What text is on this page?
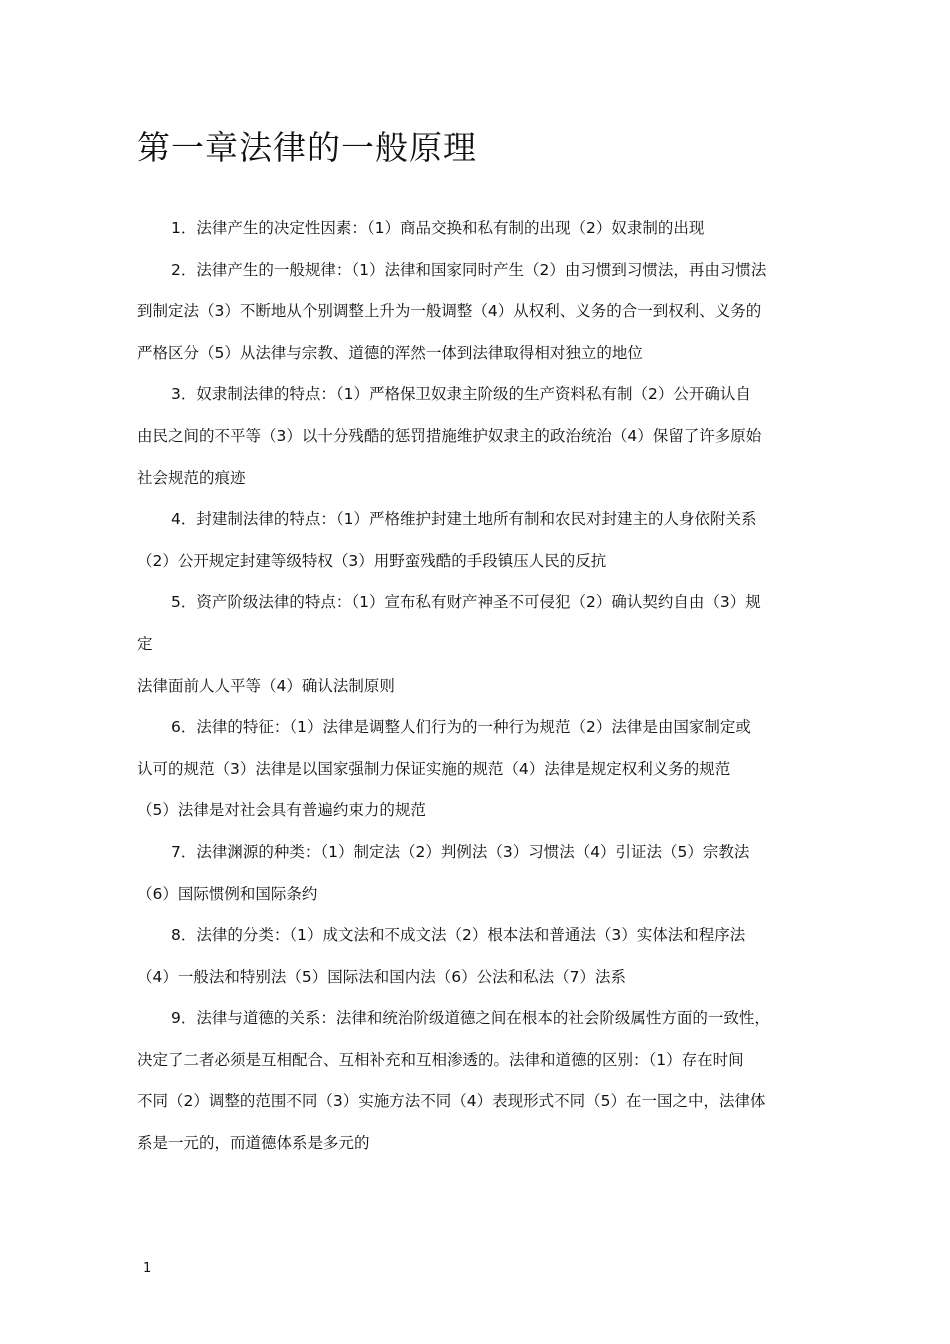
第一章法律的一般原理
1．法律产生的决定性因素：（1）商品交换和私有制的出现（2）奴隶制的出现
2．法律产生的一般规律：（1）法律和国家同时产生（2）由习惯到习惯法，再由习惯法
到制定法（3）不断地从个别调整上升为一般调整（4）从权利、义务的合一到权利、义务的
严格区分（5）从法律与宗教、道德的浑然一体到法律取得相对独立的地位
3．奴隶制法律的特点：（1）严格保卫奴隶主阶级的生产资料私有制（2）公开确认自
由民之间的不平等（3）以十分残酷的惩罚措施维护奴隶主的政治统治（4）保留了许多原始
社会规范的痕迹
4．封建制法律的特点：（1）严格维护封建土地所有制和农民对封建主的人身依附关系
（2）公开规定封建等级特权（3）用野蛮残酷的手段镇压人民的反抗
5．资产阶级法律的特点：（1）宣布私有财产神圣不可侵犯（2）确认契约自由（3）规
定
法律面前人人平等（4）确认法制原则
6．法律的特征：（1）法律是调整人们行为的一种行为规范（2）法律是由国家制定或
认可的规范（3）法律是以国家强制力保证实施的规范（4）法律是规定权利义务的规范
（5）法律是对社会具有普遍约束力的规范
7．法律渊源的种类：（1）制定法（2）判例法（3）习惯法（4）引证法（5）宗教法
（6）国际惯例和国际条约
8．法律的分类：（1）成文法和不成文法（2）根本法和普通法（3）实体法和程序法
（4）一般法和特别法（5）国际法和国内法（6）公法和私法（7）法系
9．法律与道德的关系：法律和统治阶级道德之间在根本的社会阶级属性方面的一致性，
决定了二者必须是互相配合、互相补充和互相渗透的。法律和道德的区别：（1）存在时间
不同（2）调整的范围不同（3）实施方法不同（4）表现形式不同（5）在一国之中，法律体
系是一元的，而道德体系是多元的
1
